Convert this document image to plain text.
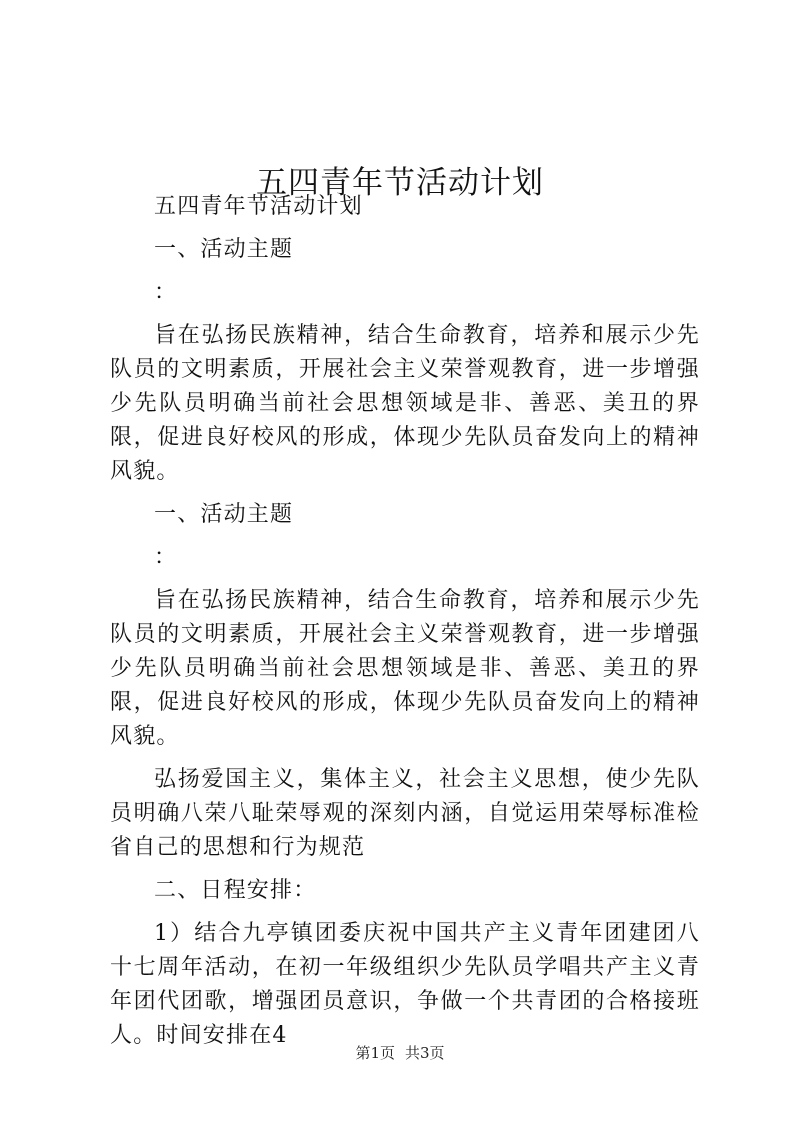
五四青年节活动计划

五四青年节活动计划

一、活动主题

：

旨在弘扬民族精神，结合生命教育，培养和展示少先队员的文明素质，开展社会主义荣誉观教育，进一步增强少先队员明确当前社会思想领域是非、善恶、美丑的界限，促进良好校风的形成，体现少先队员奋发向上的精神风貌。

一、活动主题

：

旨在弘扬民族精神，结合生命教育，培养和展示少先队员的文明素质，开展社会主义荣誉观教育，进一步增强少先队员明确当前社会思想领域是非、善恶、美丑的界限，促进良好校风的形成，体现少先队员奋发向上的精神风貌。

弘扬爱国主义，集体主义，社会主义思想，使少先队员明确八荣八耻荣辱观的深刻内涵，自觉运用荣辱标准检省自己的思想和行为规范

二、日程安排：

1）结合九亭镇团委庆祝中国共产主义青年团建团八十七周年活动，在初一年级组织少先队员学唱共产主义青年团代团歌，增强团员意识，争做一个共青团的合格接班人。时间安排在4

第1页 共3页
